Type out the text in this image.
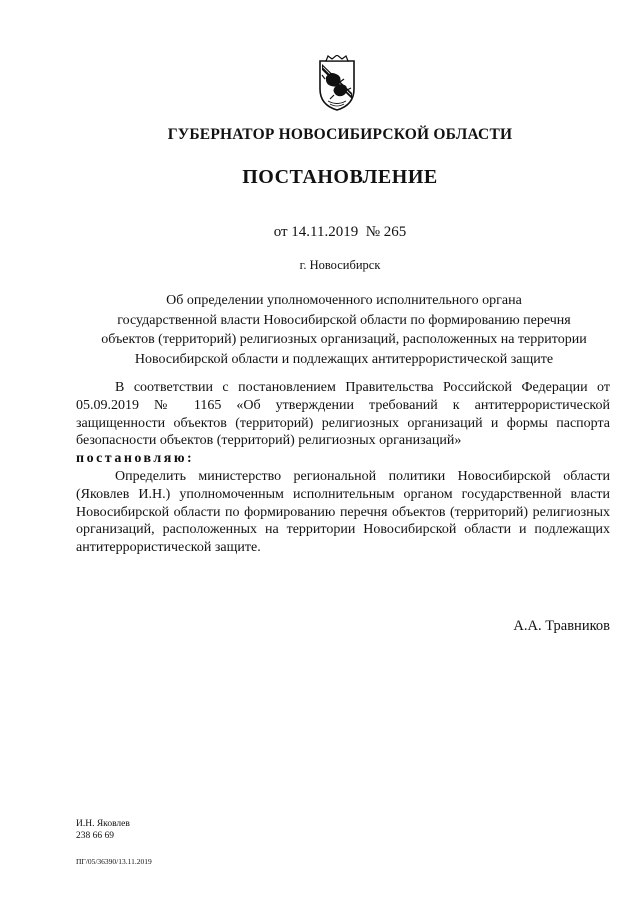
ГУБЕРНАТОР НОВОСИБИРСКОЙ ОБЛАСТИ
ПОСТАНОВЛЕНИЕ
от 14.11.2019  № 265
г. Новосибирск
Об определении уполномоченного исполнительного органа
государственной власти Новосибирской области по формированию перечня
объектов (территорий) религиозных организаций, расположенных на территории
Новосибирской области и подлежащих антитеррористической защите

В соответствии с постановлением Правительства Российской Федерации от 05.09.2019 № 1165 «Об утверждении требований к антитеррористической защищенности объектов (территорий) религиозных организаций и формы паспорта безопасности объектов (территорий) религиозных организаций»

постановляю:

Определить министерство региональной политики Новосибирской области (Яковлев И.Н.) уполномоченным исполнительным органом государственной власти Новосибирской области по формированию перечня объектов (территорий) религиозных организаций, расположенных на территории Новосибирской области и подлежащих антитеррористической защите.

А.А. Травников
И.Н. Яковлев
238 66 69
ПГ/05/36390/13.11.2019
